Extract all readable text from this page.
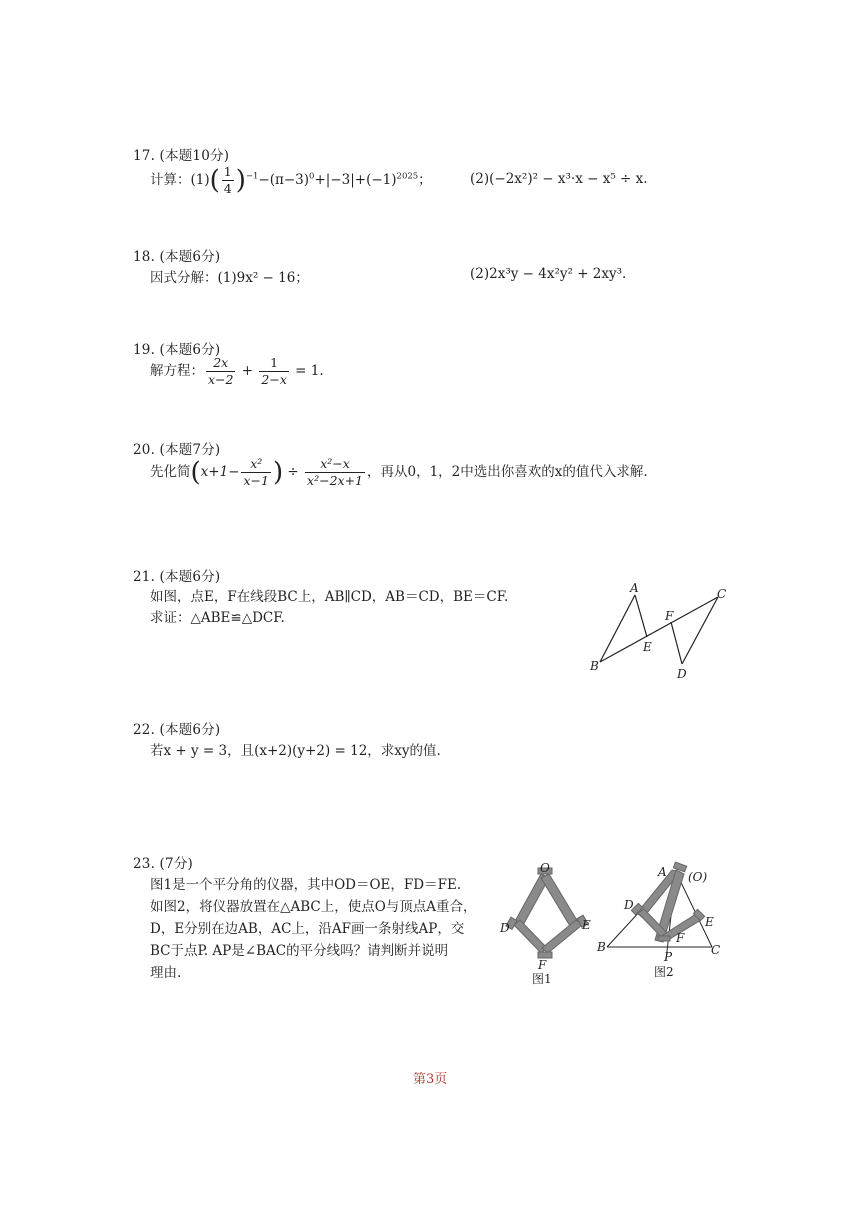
17. (本题10分)
计算：$(1)( \frac{1}{4} )^{-1}-(\pi-3)^0+|-3|+(-1)^{2025}$；	(2)(−2x²)² − x³·x − x⁵ ÷ x.
18. (本题6分)
因式分解：(1)9x² − 16；	(2)2x³y − 4x²y² + 2xy³.
19. (本题6分)
解方程： $\frac{2x}{x-2} + \frac{1}{2-x} = 1$.
20. (本题7分)
先化简($x+1- \frac{\text{x²}}{x-1}$ ) ÷ $\frac{\text{x²−x}}{\text{x²−2x+1}}$ ，再从0，1，2中选出你喜欢的x的值代入求解.
21. (本题6分)
如图，点E，F在线段BC上，AB∥CD，AB＝CD，BE＝CF.
求证：△ABE≌△DCF.
A
B
C
D
E
F
22. (本题6分)
若x + y = 3，且(x+2)(y+2) = 12，求xy的值.
23. (7分)
图1是一个平分角的仪器，其中OD＝OE，FD＝FE.
如图2，将仪器放置在△ABC上，使点O与顶点A重合，
D，E分别在边AB，AC上，沿AF画一条射线AP，交
BC于点P. AP是∠BAC的平分线吗？请判断并说明
理由.
O
D	E
F
图1
A (O)
D
E
F
B	C
P
图2
第3页
